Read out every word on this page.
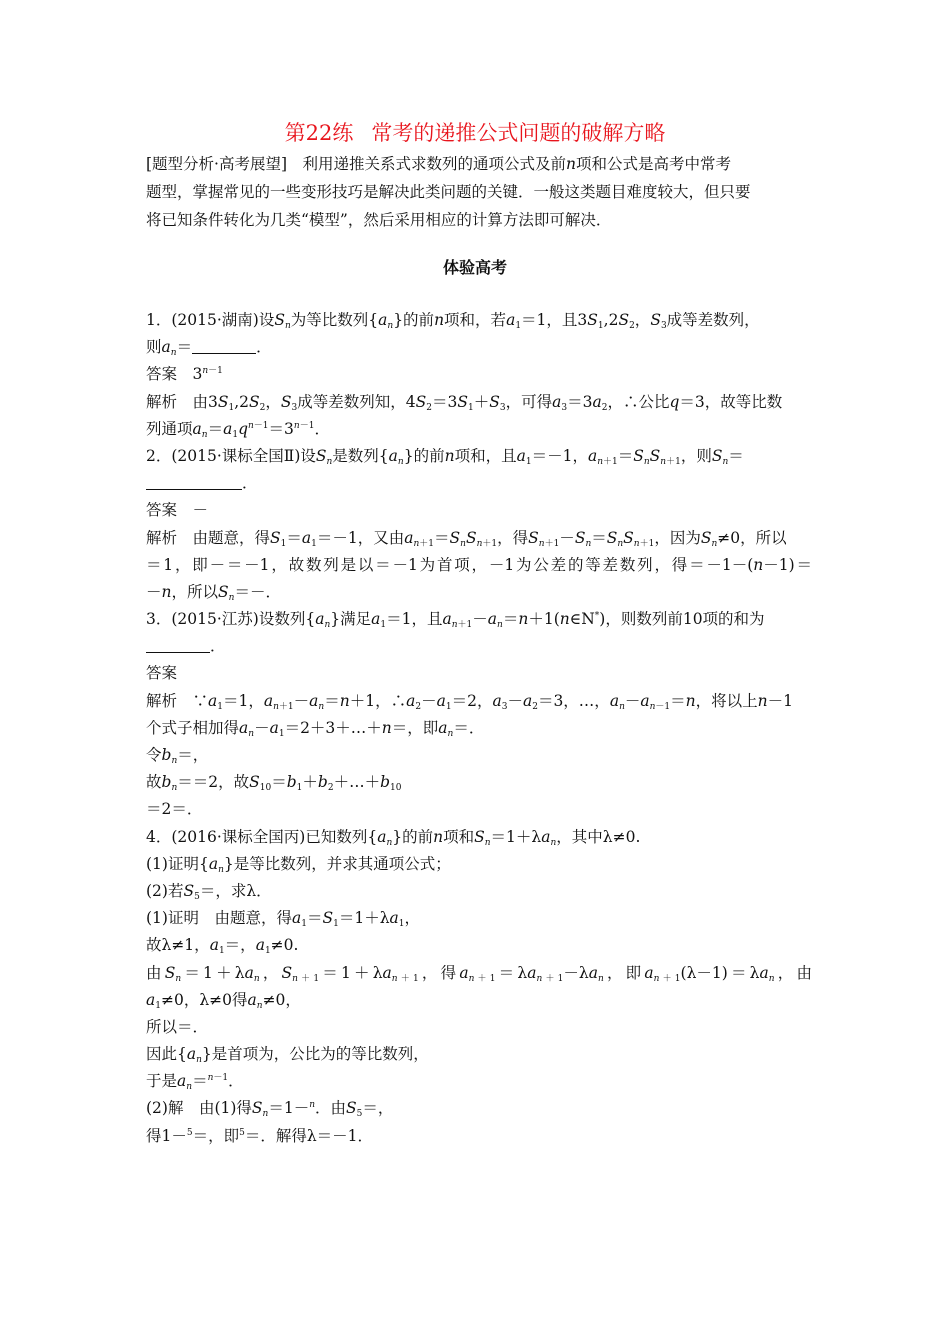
第22练 常考的递推公式问题的破解方略
[题型分析·高考展望]　利用递推关系式求数列的通项公式及前n项和公式是高考中常考
题型，掌握常见的一些变形技巧是解决此类问题的关键．一般这类题目难度较大，但只要
将已知条件转化为几类“模型”，然后采用相应的计算方法即可解决．
体验高考
1．(2015·湖南)设$S_n$为等比数列$\{a_n\}$的前n项和，若$a_1=1$，且$3S_1,2S_2$，$S_3$成等差数列，
则$a_n=$	．
答案　$3^{n-1}$
解析　由$3S_1,2S_2$，$S_3$成等差数列知，$4S_2=3S_1+S_3$，可得$a_3=3a_2$，∴公比q＝3，故等比数
列通项$a_n=a_1q^{n-1}=3^{n-1}$．
2．(2015·课标全国Ⅱ)设$S_n$是数列$\{a_n\}$的前n项和，且$a_1=-1$，$a_{n+1}=S_nS_{n+1}$，则$S_n=$
．
答案　－
解析　由题意，得$S_1=a_1=-1$，又由$a_{n+1}=S_nS_{n+1}$，得$S_{n+1}-S_n=S_nS_{n+1}$，因为$S_n\ne 0$，所以
＝1，即－＝－1，故数列是以＝－1为首项，－1为公差的等差数列，得＝－1－(n－1)＝
－n，所以$S_n=-$．
3．(2015·江苏)设数列$\{a_n\}$满足$a_1=1$，且$a_{n+1}-a_n=n+1(n\in N^*)$，则数列前10项的和为
．
答案
解析　$\because a_1=1$，$a_{n+1}-a_n=n+1$，$\therefore a_2-a_1=2$，$a_3-a_2=3$，…，$a_n-a_{n-1}=n$，将以上n－1
个式子相加得$a_n-a_1=2+3+\dots+n=$，即$a_n=$．
令$b_n=$，
故$b_n==2$，故$S_{10}=b_1+b_2+\dots+b_{10}$
＝2＝．
4．(2016·课标全国丙)已知数列$\{a_n\}$的前n项和$S_n=1+\lambda a_n$，其中λ≠0.
(1)证明$\{a_n\}$是等比数列，并求其通项公式；
(2)若$S_5=$，求λ．
(1)证明　由题意，得$a_1=S_1=1+\lambda a_1$，
故λ≠1，$a_1=$，$a_1\ne 0$.
由$S_n=1+\lambda a_n$，$S_{n+1}=1+\lambda a_{n+1}$，得$a_{n+1}=\lambda a_{n+1}-\lambda a_n$，即$a_{n+1}(\lambda-1)=\lambda a_n$，由
$a_1\ne 0$，λ≠0得$a_n\ne 0$，
所以＝．
因此$\{a_n\}$是首项为，公比为的等比数列，
于是$a_n=^{n-1}$．
(2)解　由(1)得$S_n=1-^n$．由$S_5=$，
得1－$^5$＝，即$^5$＝．解得λ＝－1．
